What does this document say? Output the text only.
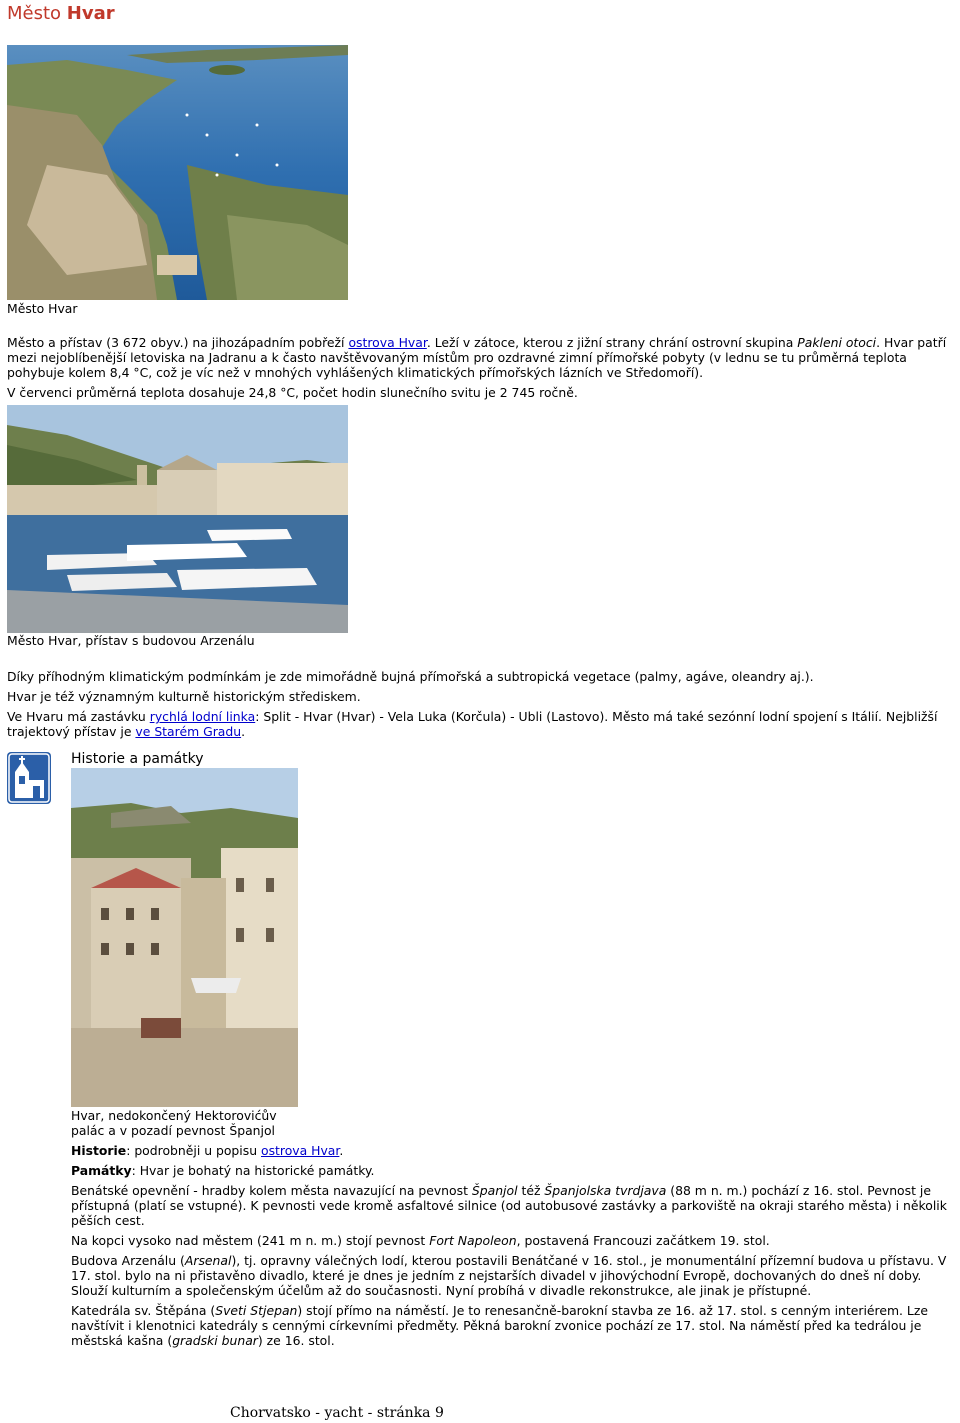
Město Hvar
Město Hvar

Město a přístav (3 672 obyv.) na jihozápadním pobřeží ostrova Hvar. Leží v zátoce, kterou z jižní strany chrání ostrovní skupina Pakleni otoci. Hvar patří mezi nejoblíbenější letoviska na Jadranu a k často navštěvovaným místům pro ozdravné zimní přímořské pobyty (v lednu se tu průměrná teplota pohybuje kolem 8,4 °C, což je víc než v mnohých vyhlášených klimatických přímořských lázních ve Středomoří).

V červenci průměrná teplota dosahuje 24,8 °C, počet hodin slunečního svitu je 2 745 ročně.

Město Hvar, přístav s budovou Arzenálu

Díky příhodným klimatickým podmínkám je zde mimořádně bujná přímořská a subtropická vegetace (palmy, agáve, oleandry aj.).

Hvar je též významným kulturně historickým střediskem.

Ve Hvaru má zastávku rychlá lodní linka: Split - Hvar (Hvar) - Vela Luka (Korčula) - Ubli (Lastovo). Město má také sezónní lodní spojení s Itálií. Nejbližší trajektový přístav je ve Starém Gradu.

Historie a památky
Hvar, nedokončený Hektorovićův
palác a v pozadí pevnost Španjol

Historie: podrobněji u popisu ostrova Hvar.

Památky: Hvar je bohatý na historické památky.

Benátské opevnění - hradby kolem města navazující na pevnost Španjol též Španjolska tvrdjava (88 m n. m.) pochází z 16. stol. Pevnost je přístupná (platí se vstupné). K pevnosti vede kromě asfaltové silnice (od autobusové zastávky a parkoviště na okraji starého města) i několik pěších cest.

Na kopci vysoko nad městem (241 m n. m.) stojí pevnost Fort Napoleon, postavená Francouzi začátkem 19. stol.

Budova Arzenálu (Arsenal), tj. opravny válečných lodí, kterou postavili Benátčané v 16. stol., je monumentální přízemní budova u přístavu. V 17. stol. bylo na ni přistavěno divadlo, které je dnes je jedním z nejstarších divadel v jihovýchodní Evropě, dochovaných do dneš ní doby. Slouží kulturním a společenským účelům až do současnosti. Nyní probíhá v divadle rekonstrukce, ale jinak je přístupné.

Katedrála sv. Štěpána (Sveti Stjepan) stojí přímo na náměstí. Je to renesančně-barokní stavba ze 16. až 17. stol. s cenným interiérem. Lze navštívit i klenotnici katedrály s cennými církevními předměty. Pěkná barokní zvonice pochází ze 17. stol. Na náměstí před ka tedrálou je městská kašna (gradski bunar) ze 16. stol.

Chorvatsko - yacht - stránka 9
